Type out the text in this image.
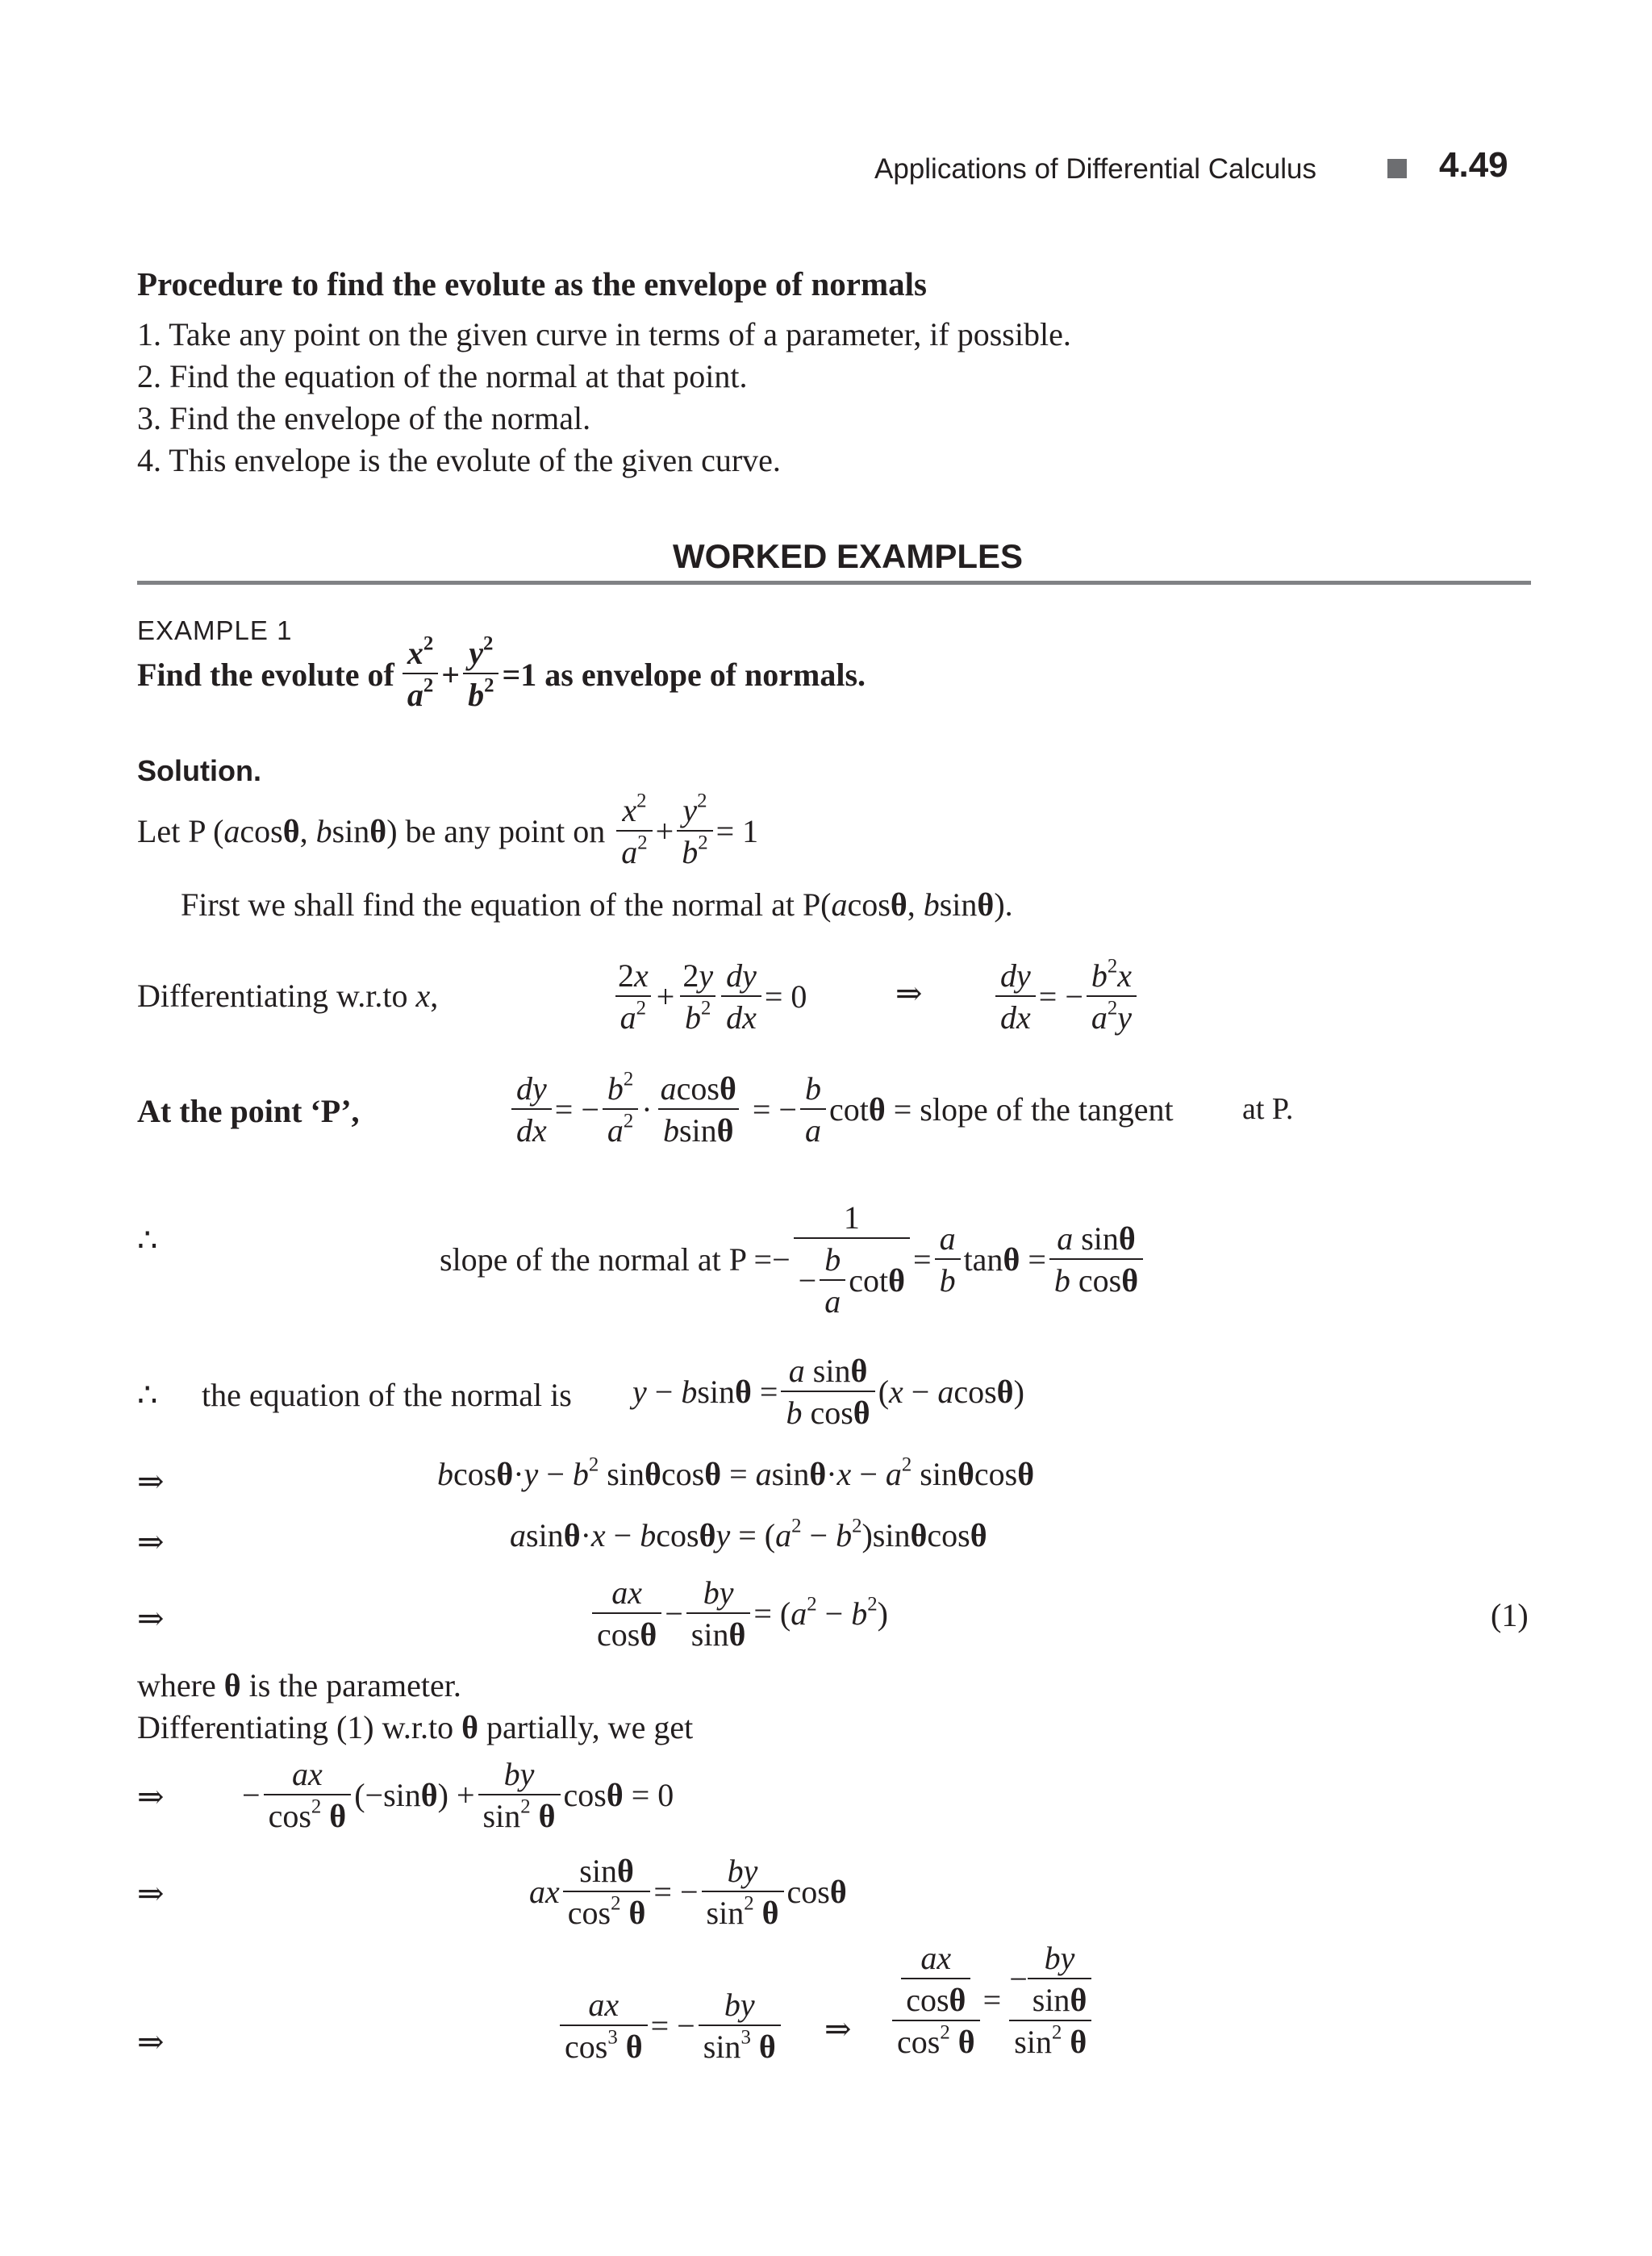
Applications of Differential Calculus	4.49
Procedure to find the evolute as the envelope of normals
1. Take any point on the given curve in terms of a parameter, if possible.
2. Find the equation of the normal at that point.
3. Find the envelope of the normal.
4. This envelope is the evolute of the given curve.
WORKED EXAMPLES
EXAMPLE 1
Find the evolute of $\frac{x^2}{a^2} + \frac{y^2}{b^2} =1$ as envelope of normals.
Solution.
Let P ( a cos θ , b sin θ ) be any point on $\frac{x^2}{a^2} + \frac{y^2}{b^2} = 1$
First we shall find the equation of the normal at P(acosθ, bsinθ).
Differentiating w.r.to x,	$\frac{2x}{a^2} + \frac{2y}{b^2} \frac{dy}{dx} = 0$	⇒ $\frac{dy}{dx}$ = − $\frac{b^2x}{a^2y}$
At the point ‘P’,	$\frac{dy}{dx}$ = − $\frac{b^2}{a^2} \cdot \frac{acos\theta}{bsin\theta}$ = − $\frac{b}{a}$ cotθ = slope of the tangent at P.
∴
slope of the normal at P = − $\frac{1}{- \frac{b}{a} \cot \theta} = \frac{a}{b}$ $\tan\theta = \frac{\text{a sinθ}}{\text{b cosθ}}$
∴ the equation of the normal is $y - bsin\theta = \frac{\text{a sinθ}}{\text{b cosθ}} (x - acos\theta)$
⇒	$bcos\theta\cdot y - b^2$ $\sin\theta\cos\theta = asin\theta\cdot x - a^2$ sinθcosθ
⇒	$asin\theta\cdot x - bcos\theta y = (a^2 - b^2)\sin\theta\cos\theta$
⇒	$\frac{ax}{\cos\theta} - \frac{by}{\sin\theta} = (a^2 - b^2)$	(1)
where θ is the parameter.
Differentiating (1) w.r.to θ partially, we get
⇒ − $\frac{ax}{\cos^2 \theta} (-\sin\theta) + \frac{by}{\sin^2 \theta}$ cosθ = 0
⇒	ax $\frac{\sin\theta}{\cos^2 \theta}$ = − $\frac{by}{\sin^2 \theta}$ cosθ
⇒	$\frac{ax}{\cos^3 \theta}$ = − $\frac{by}{\sin^3 \theta}$ ⇒ $\frac{\frac{ax}{\cos\theta}}{\cos^2 \theta} = \frac{- \frac{by}{\sin\theta}}{\sin^2 \theta}$
